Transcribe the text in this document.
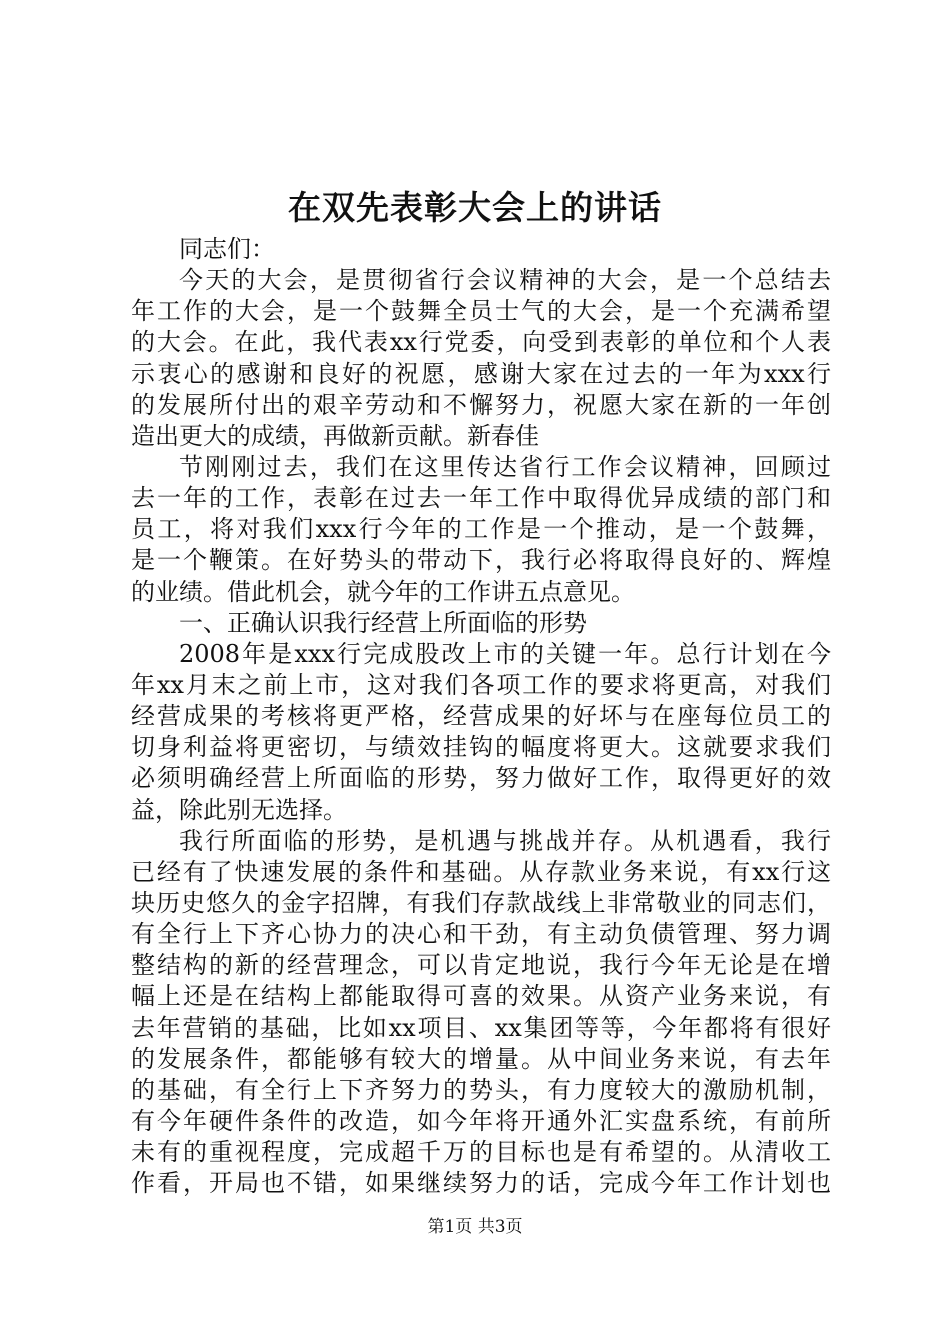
在双先表彰大会上的讲话
同志们：
今天的大会，是贯彻省行会议精神的大会，是一个总结去
年工作的大会，是一个鼓舞全员士气的大会，是一个充满希望
的大会。在此，我代表xx行党委，向受到表彰的单位和个人表
示衷心的感谢和良好的祝愿，感谢大家在过去的一年为xxx行
的发展所付出的艰辛劳动和不懈努力，祝愿大家在新的一年创
造出更大的成绩，再做新贡献。新春佳
节刚刚过去，我们在这里传达省行工作会议精神，回顾过
去一年的工作，表彰在过去一年工作中取得优异成绩的部门和
员工，将对我们xxx行今年的工作是一个推动，是一个鼓舞，
是一个鞭策。在好势头的带动下，我行必将取得良好的、辉煌
的业绩。借此机会，就今年的工作讲五点意见。
一、正确认识我行经营上所面临的形势
2008年是xxx行完成股改上市的关键一年。总行计划在今
年xx月末之前上市，这对我们各项工作的要求将更高，对我们
经营成果的考核将更严格，经营成果的好坏与在座每位员工的
切身利益将更密切，与绩效挂钩的幅度将更大。这就要求我们
必须明确经营上所面临的形势，努力做好工作，取得更好的效
益，除此别无选择。
我行所面临的形势，是机遇与挑战并存。从机遇看，我行
已经有了快速发展的条件和基础。从存款业务来说，有xx行这
块历史悠久的金字招牌，有我们存款战线上非常敬业的同志们，
有全行上下齐心协力的决心和干劲，有主动负债管理、努力调
整结构的新的经营理念，可以肯定地说，我行今年无论是在增
幅上还是在结构上都能取得可喜的效果。从资产业务来说，有
去年营销的基础，比如xx项目、xx集团等等，今年都将有很好
的发展条件，都能够有较大的增量。从中间业务来说，有去年
的基础，有全行上下齐努力的势头，有力度较大的激励机制，
有今年硬件条件的改造，如今年将开通外汇实盘系统，有前所
未有的重视程度，完成超千万的目标也是有希望的。从清收工
作看，开局也不错，如果继续努力的话，完成今年工作计划也
第1页 共3页
